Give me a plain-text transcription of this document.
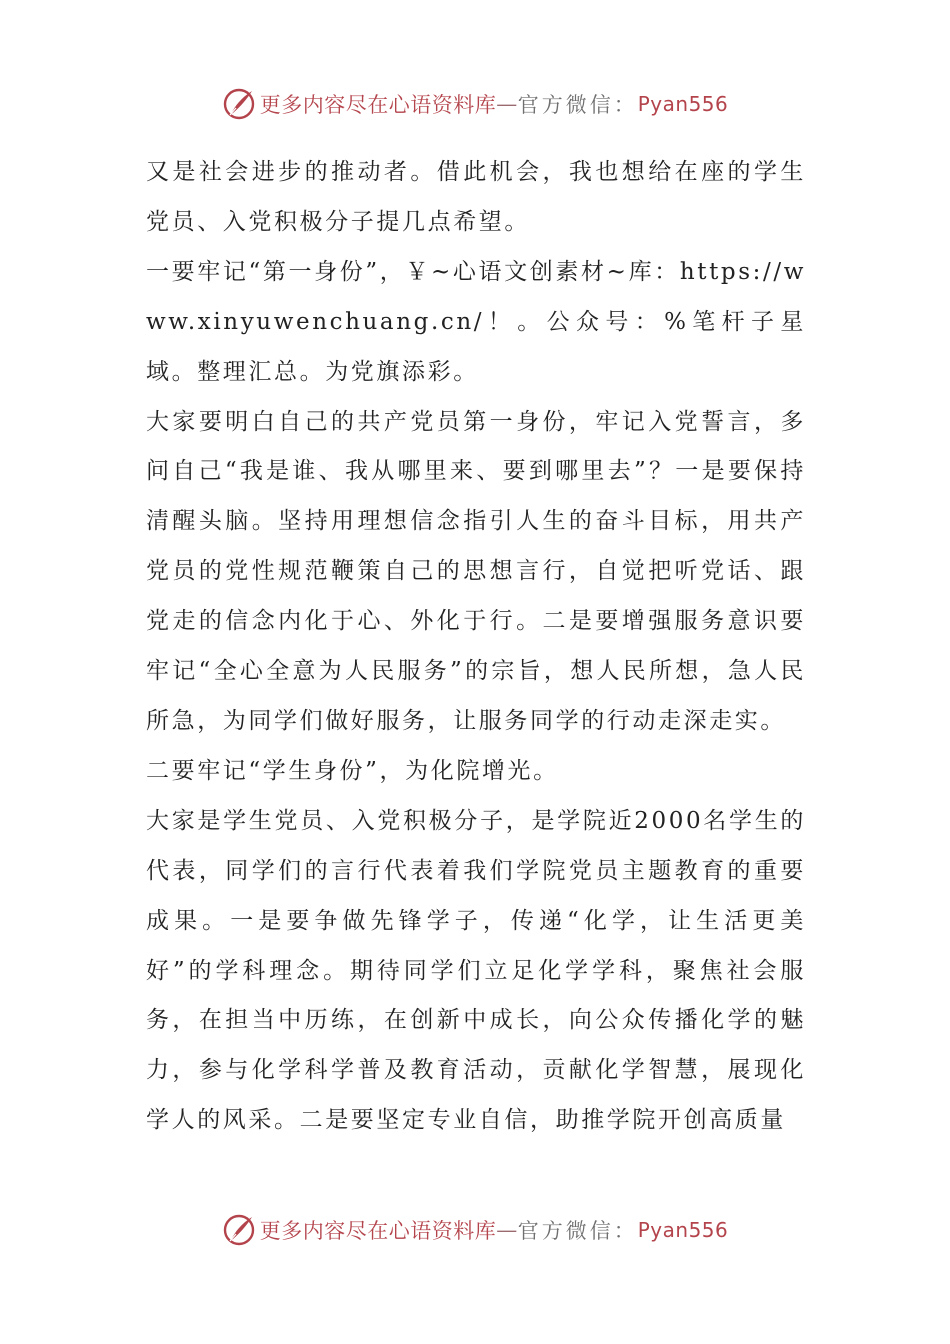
更多内容尽在心语资料库 — 官方微信： Pyan556

又是社会进步的推动者。借此机会，我也想给在座的学生党员、入党积极分子提几点希望。

一要牢记“第一身份”，￥~心语文创素材~库：https://www.xinyuwenchuang.cn/！。公众号：%笔杆子星域。整理汇总。为党旗添彩。

大家要明白自己的共产党员第一身份，牢记入党誓言，多问自己“我是谁、我从哪里来、要到哪里去”？一是要保持清醒头脑。坚持用理想信念指引人生的奋斗目标，用共产党员的党性规范鞭策自己的思想言行，自觉把听党话、跟党走的信念内化于心、外化于行。二是要增强服务意识要牢记“全心全意为人民服务”的宗旨，想人民所想，急人民所急，为同学们做好服务，让服务同学的行动走深走实。

二要牢记“学生身份”，为化院增光。

大家是学生党员、入党积极分子，是学院近2000名学生的代表，同学们的言行代表着我们学院党员主题教育的重要成果。一是要争做先锋学子，传递“化学，让生活更美好”的学科理念。期待同学们立足化学学科，聚焦社会服务，在担当中历练，在创新中成长，向公众传播化学的魅力，参与化学科学普及教育活动，贡献化学智慧，展现化学人的风采。二是要坚定专业自信，助推学院开创高质量

更多内容尽在心语资料库 — 官方微信： Pyan556
